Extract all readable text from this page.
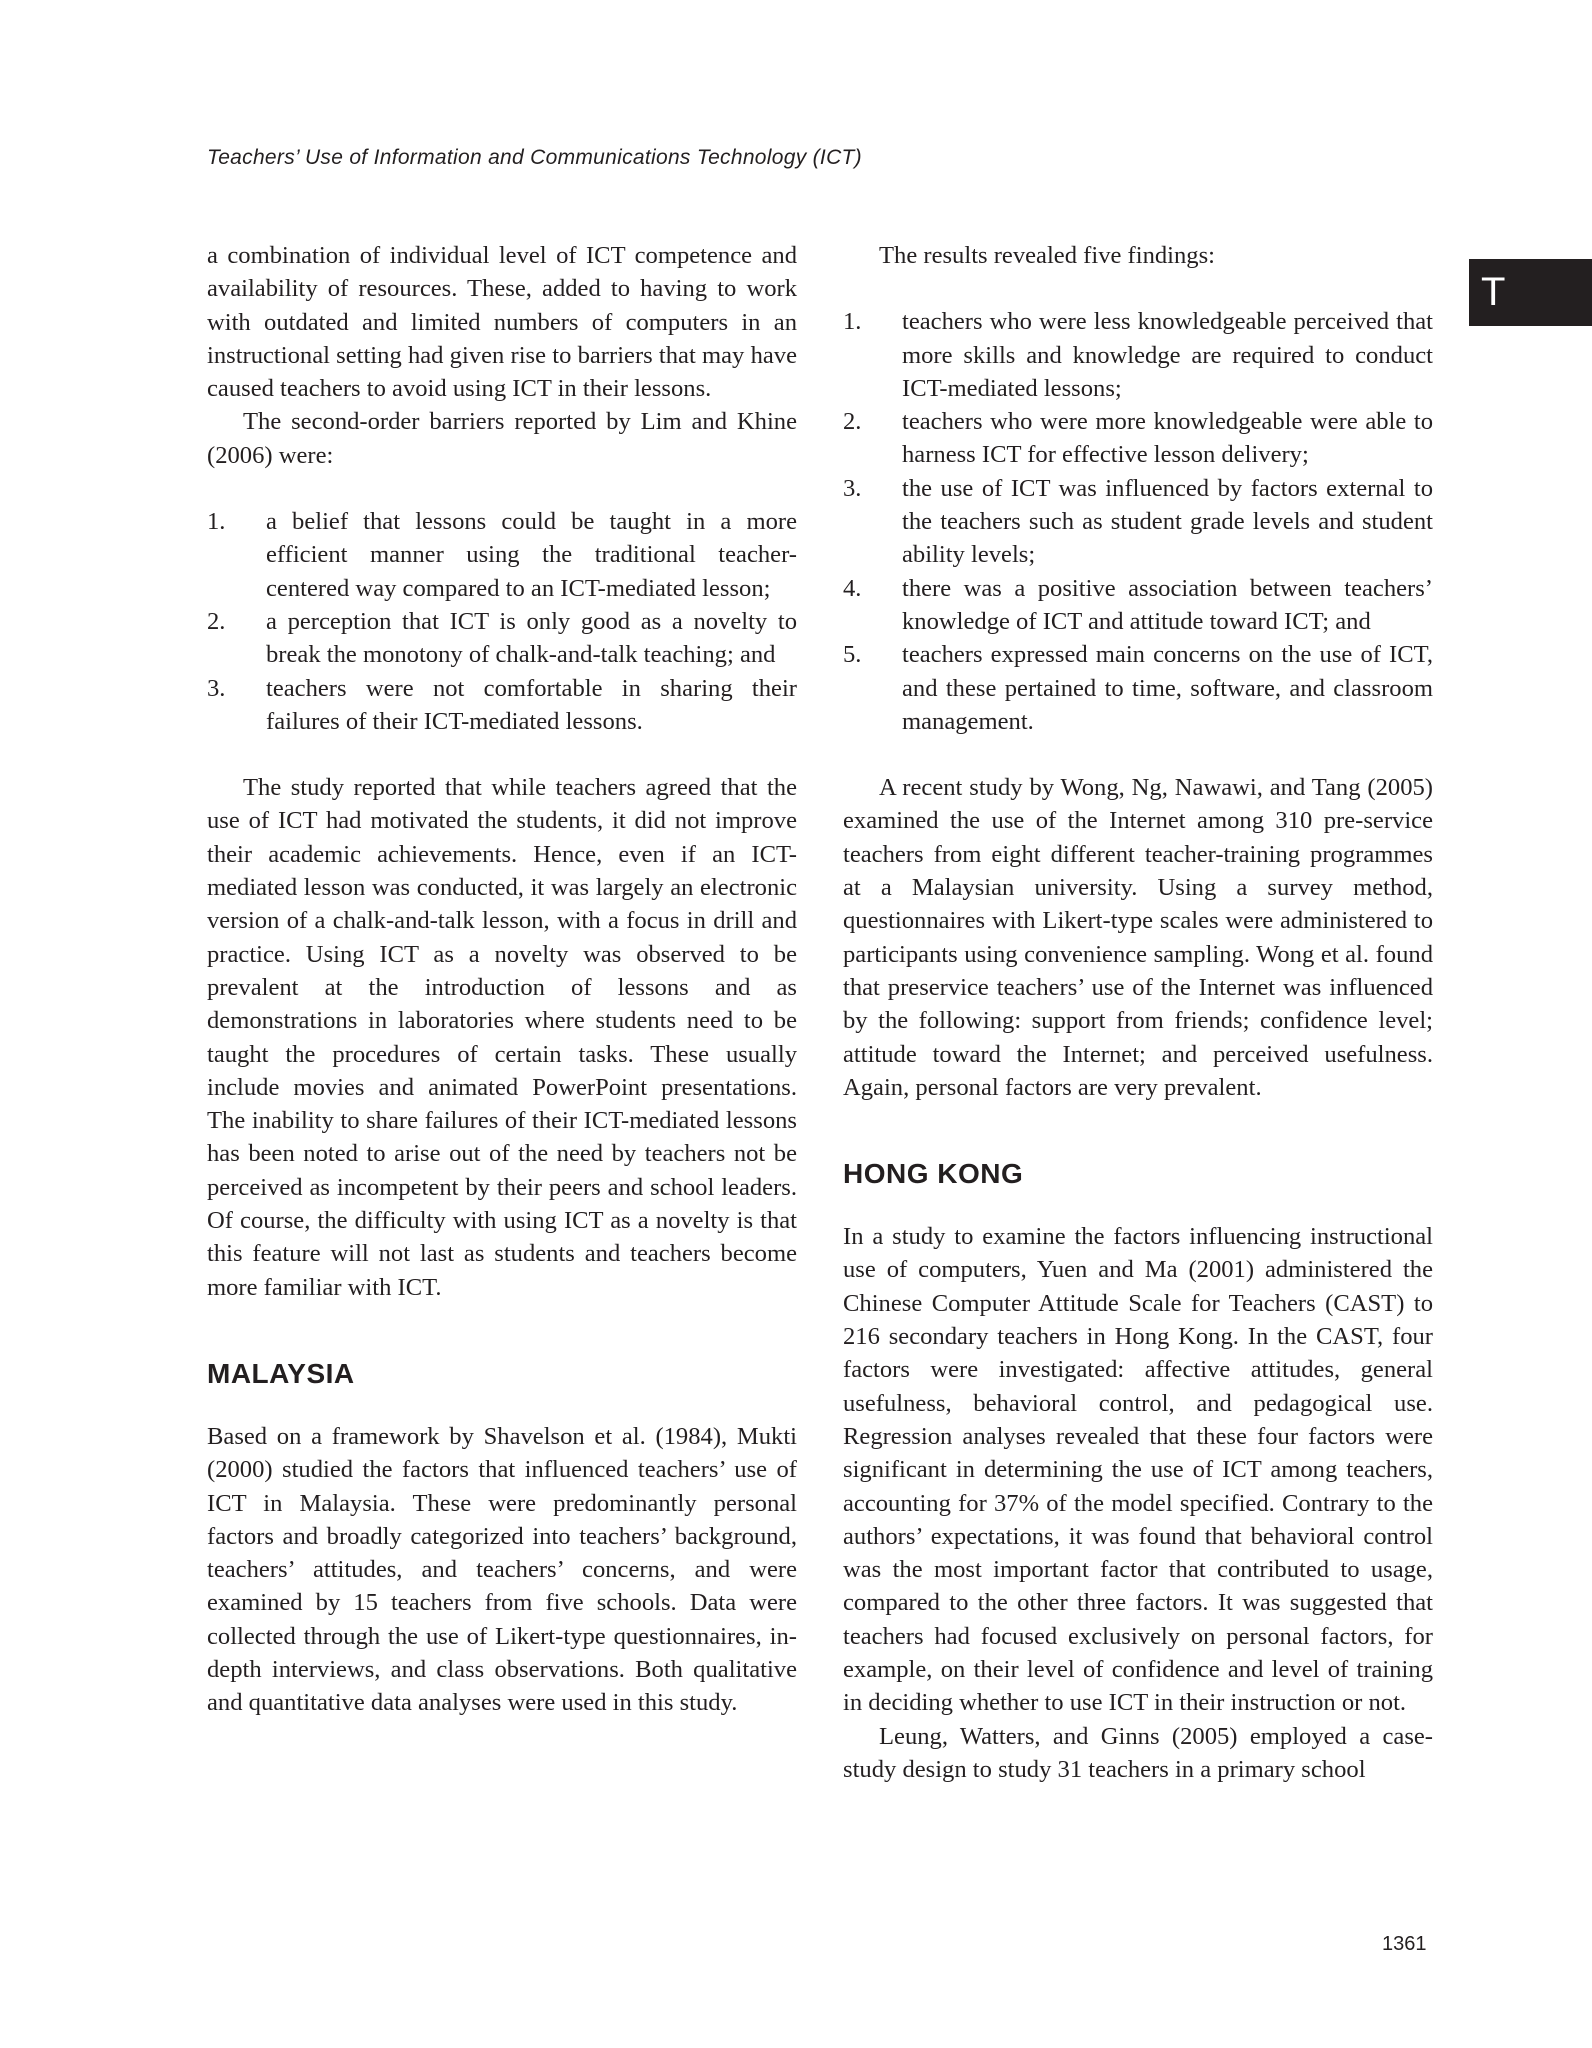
Teachers’ Use of Information and Communications Technology (ICT)
T

a combination of individual level of ICT competence and availability of resources. These, added to having to work with outdated and limited numbers of computers in an instructional setting had given rise to barriers that may have caused teachers to avoid using ICT in their lessons.

The second-order barriers reported by Lim and Khine (2006) were:

1. a belief that lessons could be taught in a more efficient manner using the traditional teacher-centered way compared to an ICT-mediated lesson;
2. a perception that ICT is only good as a novelty to break the monotony of chalk-and-talk teaching; and
3. teachers were not comfortable in sharing their failures of their ICT-mediated lessons.

The study reported that while teachers agreed that the use of ICT had motivated the students, it did not improve their academic achievements. Hence, even if an ICT-mediated lesson was conducted, it was largely an electronic version of a chalk-and-talk lesson, with a focus in drill and practice. Using ICT as a novelty was observed to be prevalent at the introduction of lessons and as demonstrations in laboratories where students need to be taught the procedures of certain tasks. These usually include movies and animated PowerPoint presentations. The inability to share failures of their ICT-mediated lessons has been noted to arise out of the need by teachers not be perceived as incompetent by their peers and school leaders. Of course, the difficulty with using ICT as a novelty is that this feature will not last as students and teachers become more familiar with ICT.

MALAYSIA

Based on a framework by Shavelson et al. (1984), Mukti (2000) studied the factors that influenced teachers’ use of ICT in Malaysia. These were predominantly personal factors and broadly categorized into teachers’ background, teachers’ attitudes, and teachers’ concerns, and were examined by 15 teachers from five schools. Data were collected through the use of Likert-type questionnaires, in-depth interviews, and class observations. Both qualitative and quantitative data analyses were used in this study.

The results revealed five findings:

1. teachers who were less knowledgeable perceived that more skills and knowledge are required to conduct ICT-mediated lessons;
2. teachers who were more knowledgeable were able to harness ICT for effective lesson delivery;
3. the use of ICT was influenced by factors external to the teachers such as student grade levels and student ability levels;
4. there was a positive association between teachers’ knowledge of ICT and attitude toward ICT; and
5. teachers expressed main concerns on the use of ICT, and these pertained to time, software, and classroom management.

A recent study by Wong, Ng, Nawawi, and Tang (2005) examined the use of the Internet among 310 pre-service teachers from eight different teacher-training programmes at a Malaysian university. Using a survey method, questionnaires with Likert-type scales were administered to participants using convenience sampling. Wong et al. found that preservice teachers’ use of the Internet was influenced by the following: support from friends; confidence level; attitude toward the Internet; and perceived usefulness. Again, personal factors are very prevalent.

HONG KONG

In a study to examine the factors influencing instructional use of computers, Yuen and Ma (2001) administered the Chinese Computer Attitude Scale for Teachers (CAST) to 216 secondary teachers in Hong Kong. In the CAST, four factors were investigated: affective attitudes, general usefulness, behavioral control, and pedagogical use. Regression analyses revealed that these four factors were significant in determining the use of ICT among teachers, accounting for 37% of the model specified. Contrary to the authors’ expectations, it was found that behavioral control was the most important factor that contributed to usage, compared to the other three factors. It was suggested that teachers had focused exclusively on personal factors, for example, on their level of confidence and level of training in deciding whether to use ICT in their instruction or not.

Leung, Watters, and Ginns (2005) employed a case-study design to study 31 teachers in a primary school

1361
